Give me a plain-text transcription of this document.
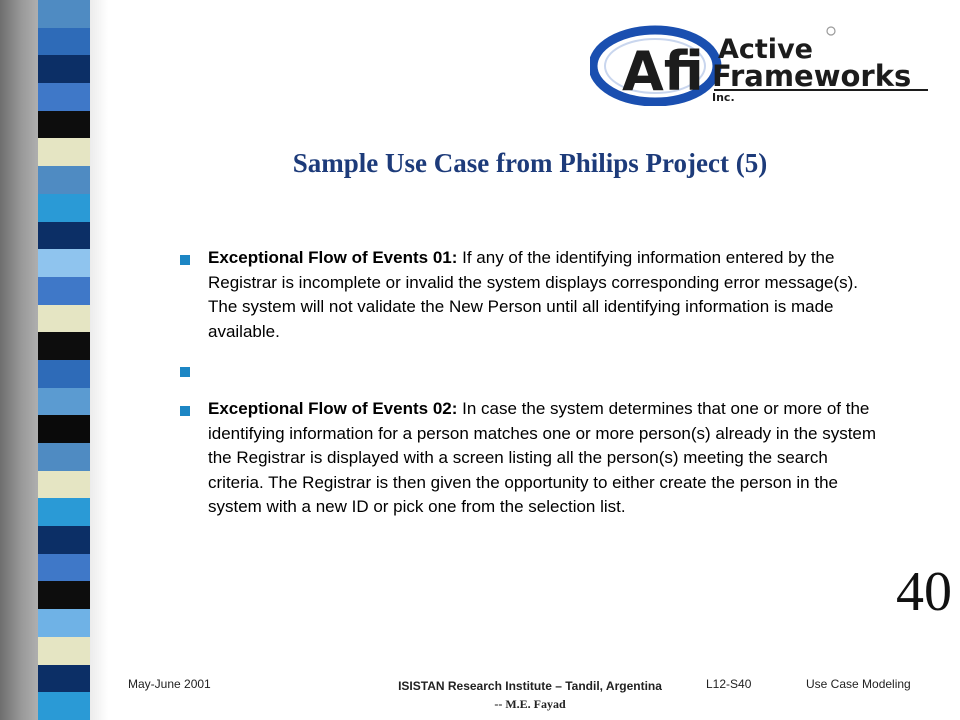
Afi Active
Frameworks
Inc.
Sample Use Case from Philips Project (5)

Exceptional Flow of Events 01: If any of the identifying information entered by the Registrar is incomplete or invalid the system displays corresponding error message(s). The system will not validate the New Person until all identifying information is made available.

Exceptional Flow of Events 02: In case the system determines that one or more of the identifying information for a person matches one or more person(s) already in the system the Registrar is displayed with a screen listing all the person(s) meeting the search criteria. The Registrar is then given the opportunity to either create the person in the system with a new ID or pick one from the selection list.

40
May-June 2001	ISISTAN Research Institute – Tandil, Argentina
-- M.E. Fayad
L12-S40	Use Case Modeling
